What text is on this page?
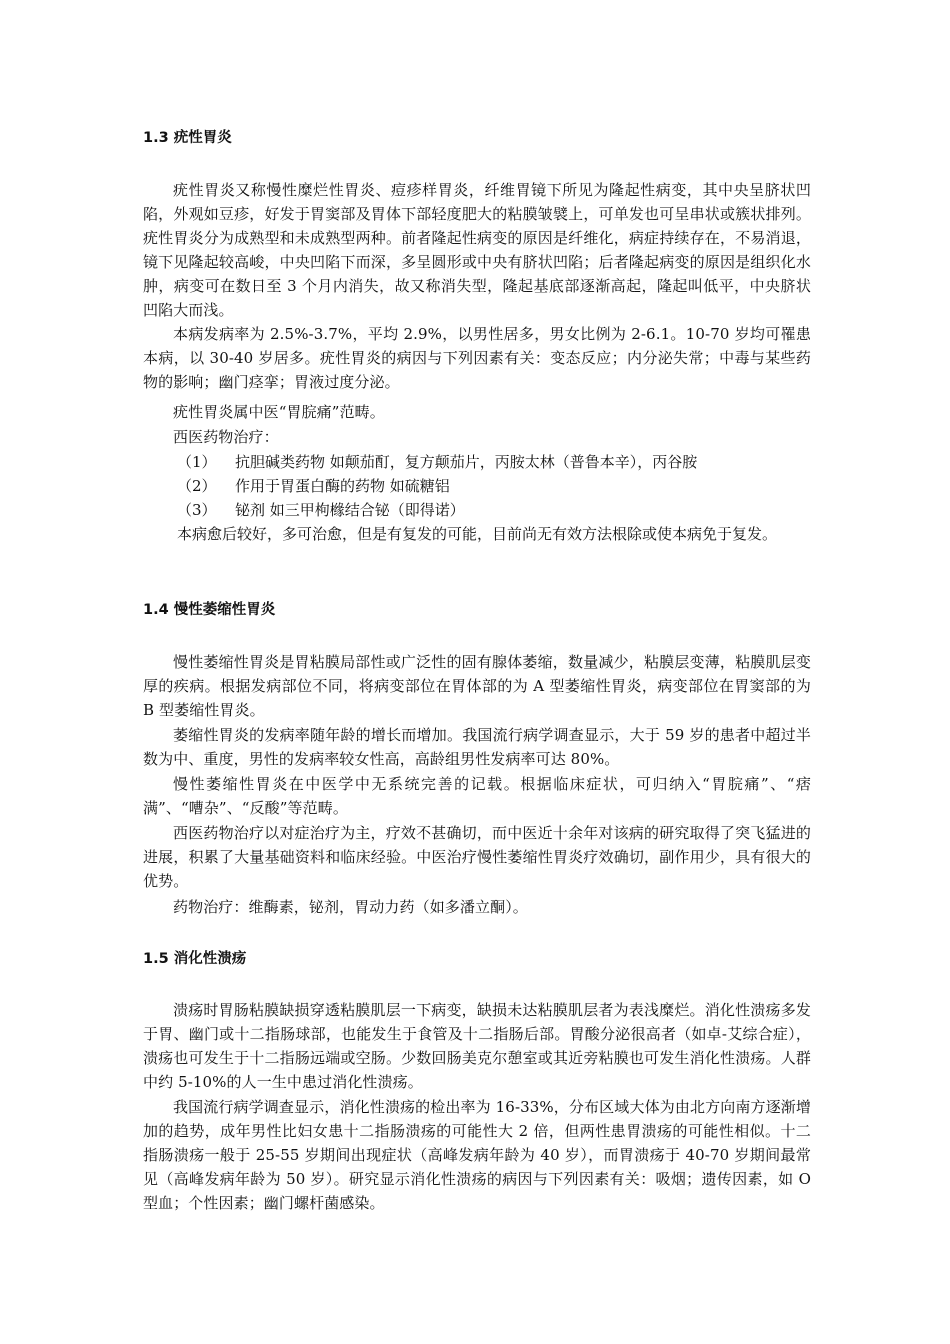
1.3 疣性胃炎

疣性胃炎又称慢性糜烂性胃炎、痘疹样胃炎，纤维胃镜下所见为隆起性病变，其中央呈脐状凹陷，外观如豆疹，好发于胃窦部及胃体下部轻度肥大的粘膜皱襞上，可单发也可呈串状或簇状排列。疣性胃炎分为成熟型和未成熟型两种。前者隆起性病变的原因是纤维化，病症持续存在，不易消退，镜下见隆起较高峻，中央凹陷下而深，多呈圆形或中央有脐状凹陷；后者隆起病变的原因是组织化水肿，病变可在数日至 3 个月内消失，故又称消失型，隆起基底部逐渐高起，隆起叫低平，中央脐状凹陷大而浅。

本病发病率为 2.5%-3.7%，平均 2.9%，以男性居多，男女比例为 2-6.1。10-70 岁均可罹患本病，以 30-40 岁居多。疣性胃炎的病因与下列因素有关：变态反应；内分泌失常；中毒与某些药物的影响；幽门痉挛；胃液过度分泌。

疣性胃炎属中医“胃脘痛”范畴。

西医药物治疗：

（1） 抗胆碱类药物 如颠茄酊，复方颠茄片，丙胺太林（普鲁本辛），丙谷胺
（2） 作用于胃蛋白酶的药物 如硫糖铝
（3） 铋剂 如三甲枸橼结合铋（即得诺）

本病愈后较好，多可治愈，但是有复发的可能，目前尚无有效方法根除或使本病免于复发。

1.4 慢性萎缩性胃炎

慢性萎缩性胃炎是胃粘膜局部性或广泛性的固有腺体萎缩，数量减少，粘膜层变薄，粘膜肌层变厚的疾病。根据发病部位不同，将病变部位在胃体部的为 A 型萎缩性胃炎，病变部位在胃窦部的为 B 型萎缩性胃炎。

萎缩性胃炎的发病率随年龄的增长而增加。我国流行病学调查显示，大于 59 岁的患者中超过半数为中、重度，男性的发病率较女性高，高龄组男性发病率可达 80%。

慢性萎缩性胃炎在中医学中无系统完善的记载。根据临床症状，可归纳入“胃脘痛”、“痞满”、“嘈杂”、“反酸”等范畴。

西医药物治疗以对症治疗为主，疗效不甚确切，而中医近十余年对该病的研究取得了突飞猛进的进展，积累了大量基础资料和临床经验。中医治疗慢性萎缩性胃炎疗效确切，副作用少，具有很大的优势。

药物治疗：维酶素，铋剂，胃动力药（如多潘立酮）。

1.5 消化性溃疡

溃疡时胃肠粘膜缺损穿透粘膜肌层一下病变，缺损未达粘膜肌层者为表浅糜烂。消化性溃疡多发于胃、幽门或十二指肠球部，也能发生于食管及十二指肠后部。胃酸分泌很高者（如卓-艾综合症），溃疡也可发生于十二指肠远端或空肠。少数回肠美克尔憩室或其近旁粘膜也可发生消化性溃疡。人群中约 5-10%的人一生中患过消化性溃疡。

我国流行病学调查显示，消化性溃疡的检出率为 16-33%，分布区域大体为由北方向南方逐渐增加的趋势，成年男性比妇女患十二指肠溃疡的可能性大 2 倍，但两性患胃溃疡的可能性相似。十二指肠溃疡一般于 25-55 岁期间出现症状（高峰发病年龄为 40 岁），而胃溃疡于 40-70 岁期间最常见（高峰发病年龄为 50 岁）。研究显示消化性溃疡的病因与下列因素有关：吸烟；遗传因素，如 O 型血；个性因素；幽门螺杆菌感染。
